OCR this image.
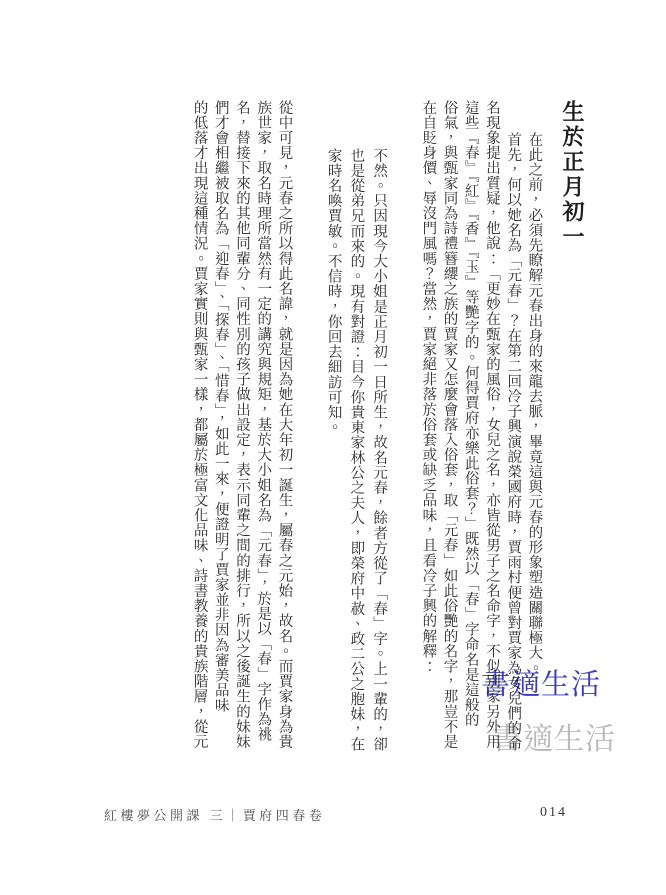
生於正月初一
在此之前，必須先瞭解元春出身的來龍去脈，畢竟這與元春的形象塑造關聯極大。
首先，何以她名為「元春」？在第二回冷子興演說榮國府時，賈雨村便曾對賈家為女兒們的命
名現象提出質疑，他說：「更妙在甄家的風俗，女兒之名，亦皆從男子之名命字，不似別家另外用
這些『春』『紅』『香』『玉』等艷字的。何得賈府亦樂此俗套？」既然以「春」字命名是這般的
俗氣，與甄家同為詩禮簪纓之族的賈家又怎麼會落入俗套，取「元春」如此俗艷的名字，那豈不是
在自貶身價、辱沒門風嗎？當然，賈家絕非落於俗套或缺乏品味，且看冷子興的解釋：
不然。只因現今大小姐是正月初一日所生，故名元春，餘者方從了「春」字。上一輩的，卻
也是從弟兄而來的。現有對證：目今你貴東家林公之夫人，即榮府中赦、政二公之胞妹，在
家時名喚賈敏。不信時，你回去細訪可知。
從中可見，元春之所以得此名諱，就是因為她在大年初一誕生，屬春之元始，故名。而賈家身為貴
族世家，取名時理所當然有一定的講究與規矩，基於大小姐名為「元春」，於是以「春」字作為祧
名，替接下來的其他同輩分、同性別的孩子做出設定，表示同輩之間的排行，所以之後誕生的妹妹
們才會相繼被取名為「迎春」、「探春」、「惜春」，如此一來，便證明了賈家並非因為審美品味
的低落才出現這種情況。賈家實則與甄家一樣，都屬於極富文化品味、詩書教養的貴族階層，從元	書適生活
書適生活
紅樓夢公開課 三｜賈府四春卷	014
